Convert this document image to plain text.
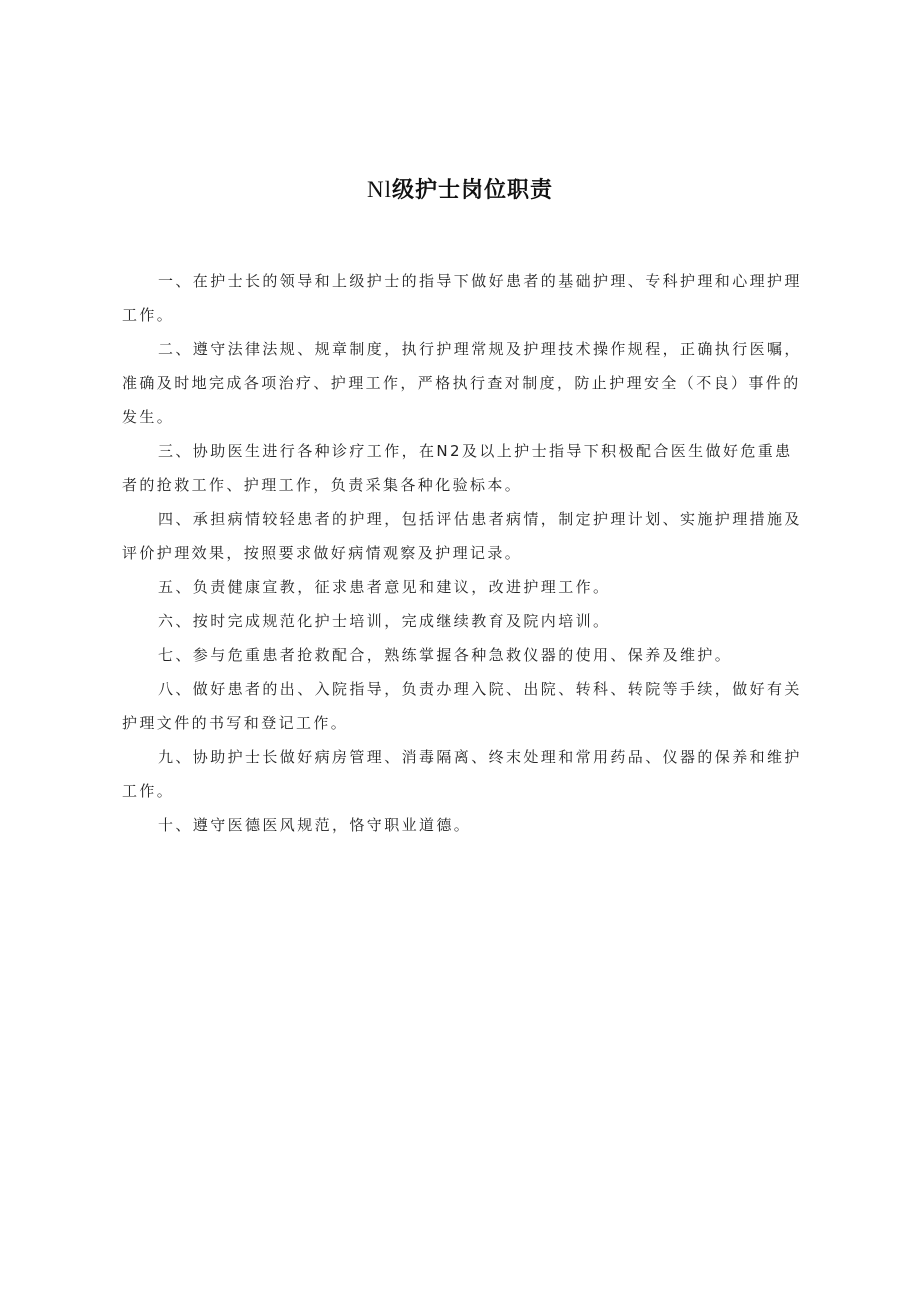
Nl级护士岗位职责

一、在护士长的领导和上级护士的指导下做好患者的基础护理、专科护理和心理护理工作。

二、遵守法律法规、规章制度，执行护理常规及护理技术操作规程，正确执行医嘱，准确及时地完成各项治疗、护理工作，严格执行查对制度，防止护理安全（不良）事件的发生。

三、协助医生进行各种诊疗工作，在N2及以上护士指导下积极配合医生做好危重患者的抢救工作、护理工作，负责采集各种化验标本。

四、承担病情较轻患者的护理，包括评估患者病情，制定护理计划、实施护理措施及评价护理效果，按照要求做好病情观察及护理记录。

五、负责健康宣教，征求患者意见和建议，改进护理工作。

六、按时完成规范化护士培训，完成继续教育及院内培训。

七、参与危重患者抢救配合，熟练掌握各种急救仪器的使用、保养及维护。

八、做好患者的出、入院指导，负责办理入院、出院、转科、转院等手续，做好有关护理文件的书写和登记工作。

九、协助护士长做好病房管理、消毒隔离、终末处理和常用药品、仪器的保养和维护工作。

十、遵守医德医风规范，恪守职业道德。
